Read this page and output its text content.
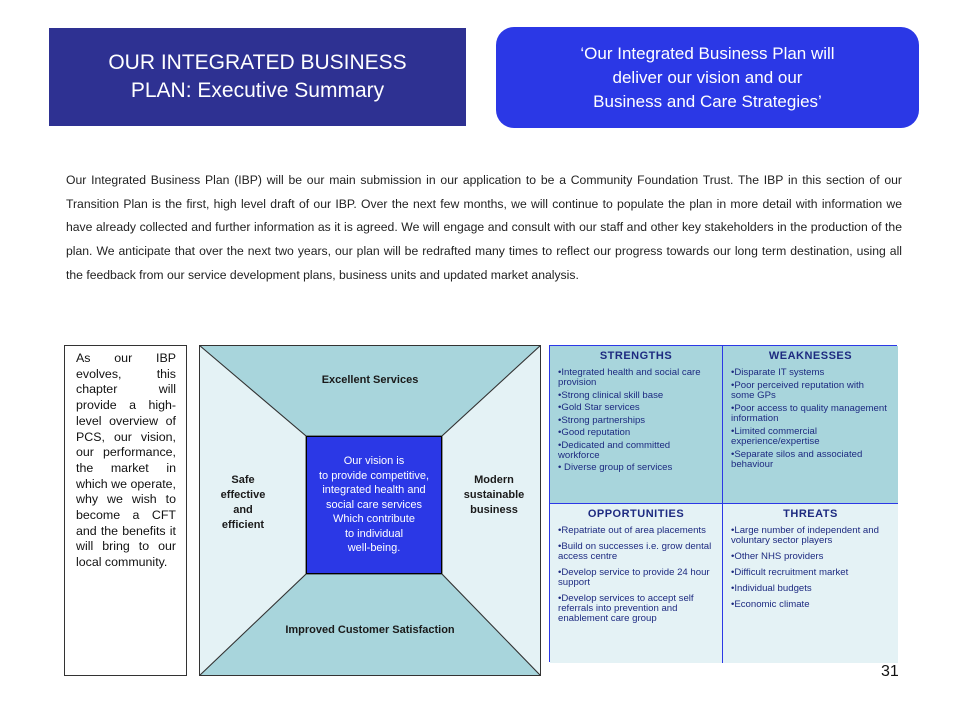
OUR INTEGRATED BUSINESS
PLAN: Executive Summary
‘Our Integrated Business Plan will
deliver our vision and our
Business and Care Strategies’

Our Integrated Business Plan (IBP) will be our main submission in our application to be a Community Foundation Trust. The IBP in this section of our Transition Plan is the first, high level draft of our IBP. Over the next few months, we will continue to populate the plan in more detail with information we have already collected and further information as it is agreed. We will engage and consult with our staff and other key stakeholders in the production of the plan. We anticipate that over the next two years, our plan will be redrafted many times to reflect our progress towards our long term destination, using all the feedback from our service development plans, business units and updated market analysis.

As our IBP evolves, this chapter will provide a high-level overview of PCS, our vision, our performance, the market in which we operate, why we wish to become a CFT and the benefits it will bring to our local community.
Excellent Services
Improved Customer Satisfaction
Safe
effective
and
efficient
Modern
sustainable
business
Our vision is
to provide competitive,
integrated health and
social care services
Which contribute
to individual
well-being.
STRENGTHS
•Integrated health and social care provision
•Strong clinical skill base
•Gold Star services
•Strong partnerships
•Good reputation
•Dedicated and committed workforce
• Diverse group of services
WEAKNESSES
•Disparate IT systems
•Poor perceived reputation with some GPs
•Poor access to quality management information
•Limited commercial experience/expertise
•Separate silos and associated behaviour
OPPORTUNITIES
•Repatriate out of area placements
•Build on successes i.e. grow dental access centre
•Develop service to provide 24 hour support
•Develop services to accept self referrals into prevention and enablement care group
THREATS
•Large number of independent and voluntary sector players
•Other NHS providers
•Difficult recruitment market
•Individual budgets
•Economic climate
31
